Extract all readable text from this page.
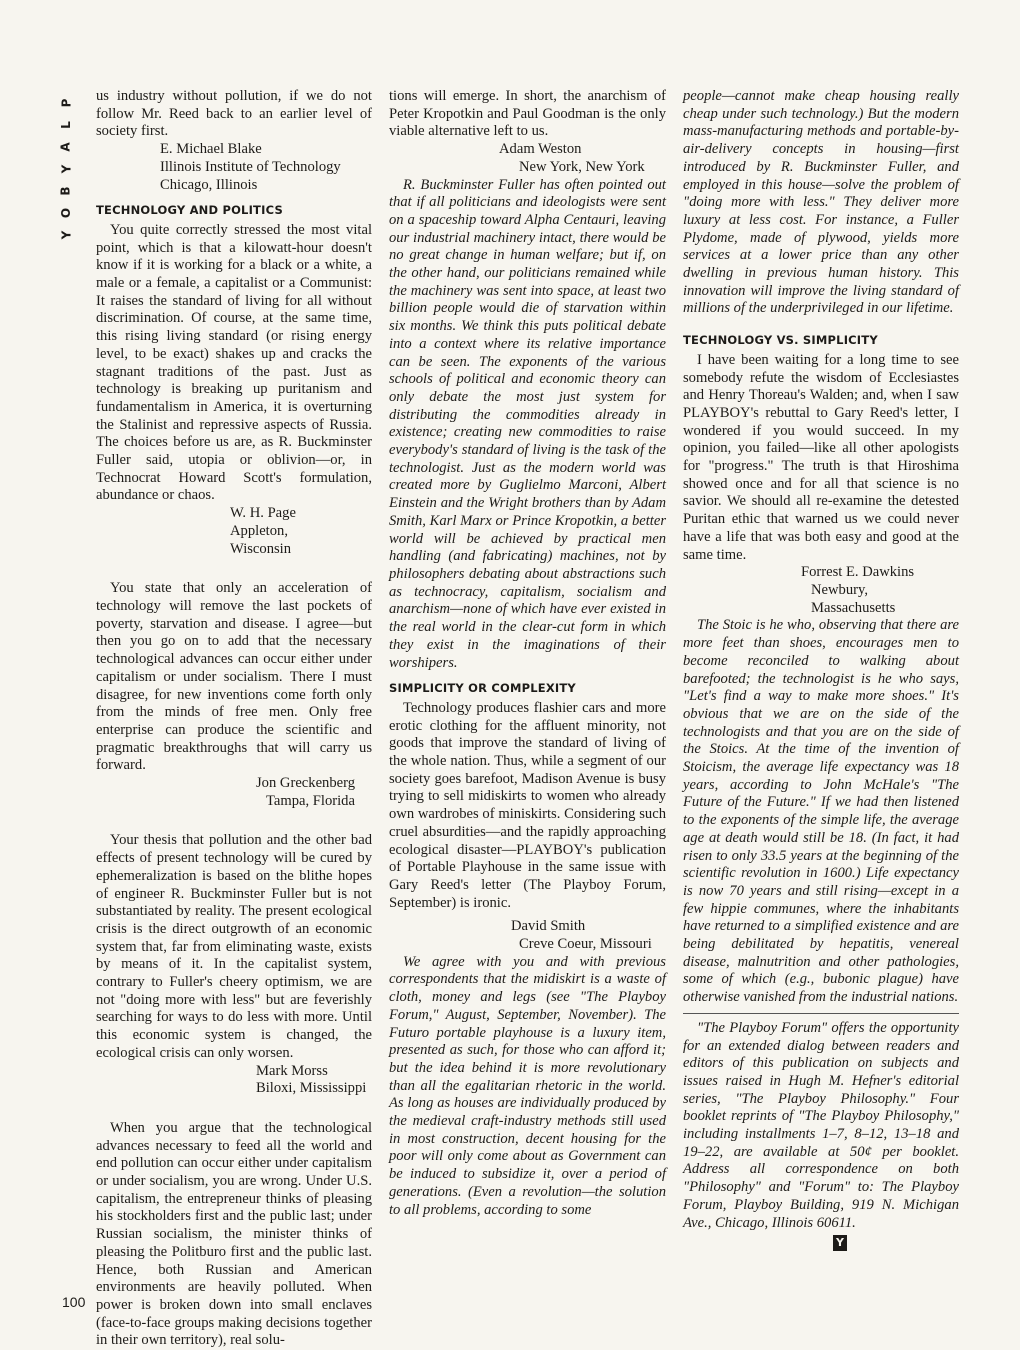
P
L
A
Y
B
O
Y
100

us industry without pollution, if we do not follow Mr. Reed back to an earlier level of society first.

E. Michael Blake
Illinois Institute of Technology
Chicago, Illinois
TECHNOLOGY AND POLITICS

You quite correctly stressed the most vital point, which is that a kilowatt-hour doesn't know if it is working for a black or a white, a male or a female, a capitalist or a Communist: It raises the standard of living for all without discrimination. Of course, at the same time, this rising living standard (or rising energy level, to be exact) shakes up and cracks the stagnant traditions of the past. Just as technology is breaking up puritanism and fundamentalism in America, it is overturning the Stalinist and repressive aspects of Russia. The choices before us are, as R. Buckminster Fuller said, utopia or oblivion—or, in Technocrat Howard Scott's formulation, abundance or chaos.

W. H. Page
Appleton, Wisconsin

You state that only an acceleration of technology will remove the last pockets of poverty, starvation and disease. I agree—but then you go on to add that the necessary technological advances can occur either under capitalism or under socialism. There I must disagree, for new inventions come forth only from the minds of free men. Only free enterprise can produce the scientific and pragmatic breakthroughs that will carry us forward.

Jon Greckenberg
Tampa, Florida

Your thesis that pollution and the other bad effects of present technology will be cured by ephemeralization is based on the blithe hopes of engineer R. Buckminster Fuller but is not substantiated by reality. The present ecological crisis is the direct outgrowth of an economic system that, far from eliminating waste, exists by means of it. In the capitalist system, contrary to Fuller's cheery optimism, we are not "doing more with less" but are feverishly searching for ways to do less with more. Until this economic system is changed, the ecological crisis can only worsen.

Mark Morss
Biloxi, Mississippi

When you argue that the technological advances necessary to feed all the world and end pollution can occur either under capitalism or under socialism, you are wrong. Under U.S. capitalism, the entrepreneur thinks of pleasing his stockholders first and the public last; under Russian socialism, the minister thinks of pleasing the Politburo first and the public last. Hence, both Russian and American environments are heavily polluted. When power is broken down into small enclaves (face-to-face groups making decisions together in their own territory), real solu-

tions will emerge. In short, the anarchism of Peter Kropotkin and Paul Goodman is the only viable alternative left to us.

Adam Weston
New York, New York

R. Buckminster Fuller has often pointed out that if all politicians and ideologists were sent on a spaceship toward Alpha Centauri, leaving our industrial machinery intact, there would be no great change in human welfare; but if, on the other hand, our politicians remained while the machinery was sent into space, at least two billion people would die of starvation within six months. We think this puts political debate into a context where its relative importance can be seen. The exponents of the various schools of political and economic theory can only debate the most just system for distributing the commodities already in existence; creating new commodities to raise everybody's standard of living is the task of the technologist. Just as the modern world was created more by Guglielmo Marconi, Albert Einstein and the Wright brothers than by Adam Smith, Karl Marx or Prince Kropotkin, a better world will be achieved by practical men handling (and fabricating) machines, not by philosophers debating about abstractions such as technocracy, capitalism, socialism and anarchism—none of which have ever existed in the real world in the clear-cut form in which they exist in the imaginations of their worshipers.

SIMPLICITY OR COMPLEXITY

Technology produces flashier cars and more erotic clothing for the affluent minority, not goods that improve the standard of living of the whole nation. Thus, while a segment of our society goes barefoot, Madison Avenue is busy trying to sell midiskirts to women who already own wardrobes of miniskirts. Considering such cruel absurdities—and the rapidly approaching ecological disaster—PLAYBOY's publication of Portable Playhouse in the same issue with Gary Reed's letter (The Playboy Forum, September) is ironic.

David Smith
Creve Coeur, Missouri

We agree with you and with previous correspondents that the midiskirt is a waste of cloth, money and legs (see "The Playboy Forum," August, September, November). The Futuro portable playhouse is a luxury item, presented as such, for those who can afford it; but the idea behind it is more revolutionary than all the egalitarian rhetoric in the world. As long as houses are individually produced by the medieval craft-industry methods still used in most construction, decent housing for the poor will only come about as Government can be induced to subsidize it, over a period of generations. (Even a revolution—the solution to all problems, according to some

people—cannot make cheap housing really cheap under such technology.) But the modern mass-manufacturing methods and portable-by-air-delivery concepts in housing—first introduced by R. Buckminster Fuller, and employed in this house—solve the problem of "doing more with less." They deliver more luxury at less cost. For instance, a Fuller Plydome, made of plywood, yields more services at a lower price than any other dwelling in previous human history. This innovation will improve the living standard of millions of the underprivileged in our lifetime.

TECHNOLOGY VS. SIMPLICITY

I have been waiting for a long time to see somebody refute the wisdom of Ecclesiastes and Henry Thoreau's Walden; and, when I saw PLAYBOY's rebuttal to Gary Reed's letter, I wondered if you would succeed. In my opinion, you failed—like all other apologists for "progress." The truth is that Hiroshima showed once and for all that science is no savior. We should all re-examine the detested Puritan ethic that warned us we could never have a life that was both easy and good at the same time.

Forrest E. Dawkins
Newbury, Massachusetts

The Stoic is he who, observing that there are more feet than shoes, encourages men to become reconciled to walking about barefooted; the technologist is he who says, "Let's find a way to make more shoes." It's obvious that we are on the side of the technologists and that you are on the side of the Stoics. At the time of the invention of Stoicism, the average life expectancy was 18 years, according to John McHale's "The Future of the Future." If we had then listened to the exponents of the simple life, the average age at death would still be 18. (In fact, it had risen to only 33.5 years at the beginning of the scientific revolution in 1600.) Life expectancy is now 70 years and still rising—except in a few hippie communes, where the inhabitants have returned to a simplified existence and are being debilitated by hepatitis, venereal disease, malnutrition and other pathologies, some of which (e.g., bubonic plague) have otherwise vanished from the industrial nations.

"The Playboy Forum" offers the opportunity for an extended dialog between readers and editors of this publication on subjects and issues raised in Hugh M. Hefner's editorial series, "The Playboy Philosophy." Four booklet reprints of "The Playboy Philosophy," including installments 1–7, 8–12, 13–18 and 19–22, are available at 50¢ per booklet. Address all correspondence on both "Philosophy" and "Forum" to: The Playboy Forum, Playboy Building, 919 N. Michigan Ave., Chicago, Illinois 60611.

Y
